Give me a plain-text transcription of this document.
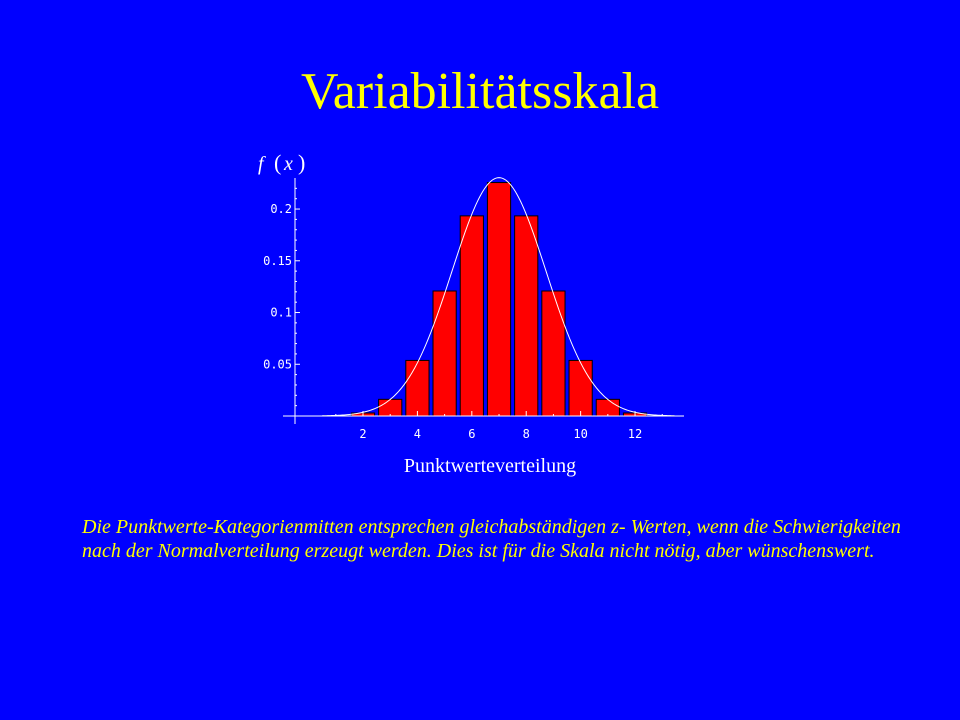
Variabilitätsskala
f ( x )
0.05
0.1
0.15
0.2
2	4	6	8	10	12
Punktwerteverteilung
Die Punktwerte-Kategorienmitten entsprechen gleichabständigen z- Werten, wenn die Schwierigkeiten nach der Normalverteilung erzeugt werden. Dies ist für die Skala nicht nötig, aber wünschenswert.
